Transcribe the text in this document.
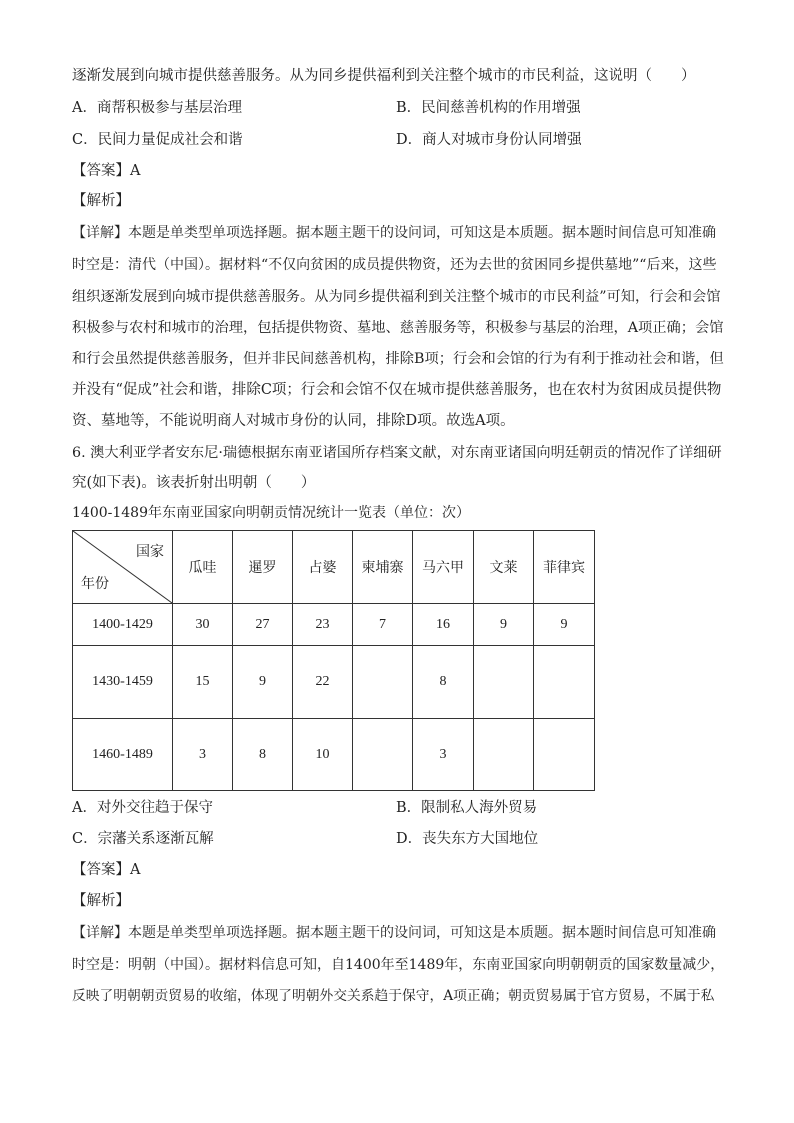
逐渐发展到向城市提供慈善服务。从为同乡提供福利到关注整个城市的市民利益，这说明（　　）
A．商帮积极参与基层治理	B．民间慈善机构的作用增强
C．民间力量促成社会和谐	D．商人对城市身份认同增强
【答案】A
【解析】
【详解】本题是单类型单项选择题。据本题主题干的设问词，可知这是本质题。据本题时间信息可知准确
时空是：清代（中国）。据材料“不仅向贫困的成员提供物资，还为去世的贫困同乡提供墓地”“后来，这些
组织逐渐发展到向城市提供慈善服务。从为同乡提供福利到关注整个城市的市民利益”可知，行会和会馆
积极参与农村和城市的治理，包括提供物资、墓地、慈善服务等，积极参与基层的治理，A项正确；会馆
和行会虽然提供慈善服务，但并非民间慈善机构，排除B项；行会和会馆的行为有利于推动社会和谐，但
并没有“促成”社会和谐，排除C项；行会和会馆不仅在城市提供慈善服务，也在农村为贫困成员提供物
资、墓地等，不能说明商人对城市身份的认同，排除D项。故选A项。
6. 澳大利亚学者安东尼·瑞德根据东南亚诸国所存档案文献，对东南亚诸国向明廷朝贡的情况作了详细研
究(如下表)。该表折射出明朝（　　）
1400-1489年东南亚国家向明朝贡情况统计一览表（单位：次）
国家
年份	瓜哇	暹罗	占婆	柬埔寨	马六甲	文莱	菲律宾
1400-1429	30	27	23	7	16	9	9
1430-1459	15	9	22		8		
1460-1489	3	8	10		3		
A．对外交往趋于保守	B．限制私人海外贸易
C．宗藩关系逐渐瓦解	D．丧失东方大国地位
【答案】A
【解析】
【详解】本题是单类型单项选择题。据本题主题干的设问词，可知这是本质题。据本题时间信息可知准确
时空是：明朝（中国）。据材料信息可知，自1400年至1489年，东南亚国家向明朝朝贡的国家数量减少，
反映了明朝朝贡贸易的收缩，体现了明朝外交关系趋于保守，A项正确；朝贡贸易属于官方贸易，不属于私
